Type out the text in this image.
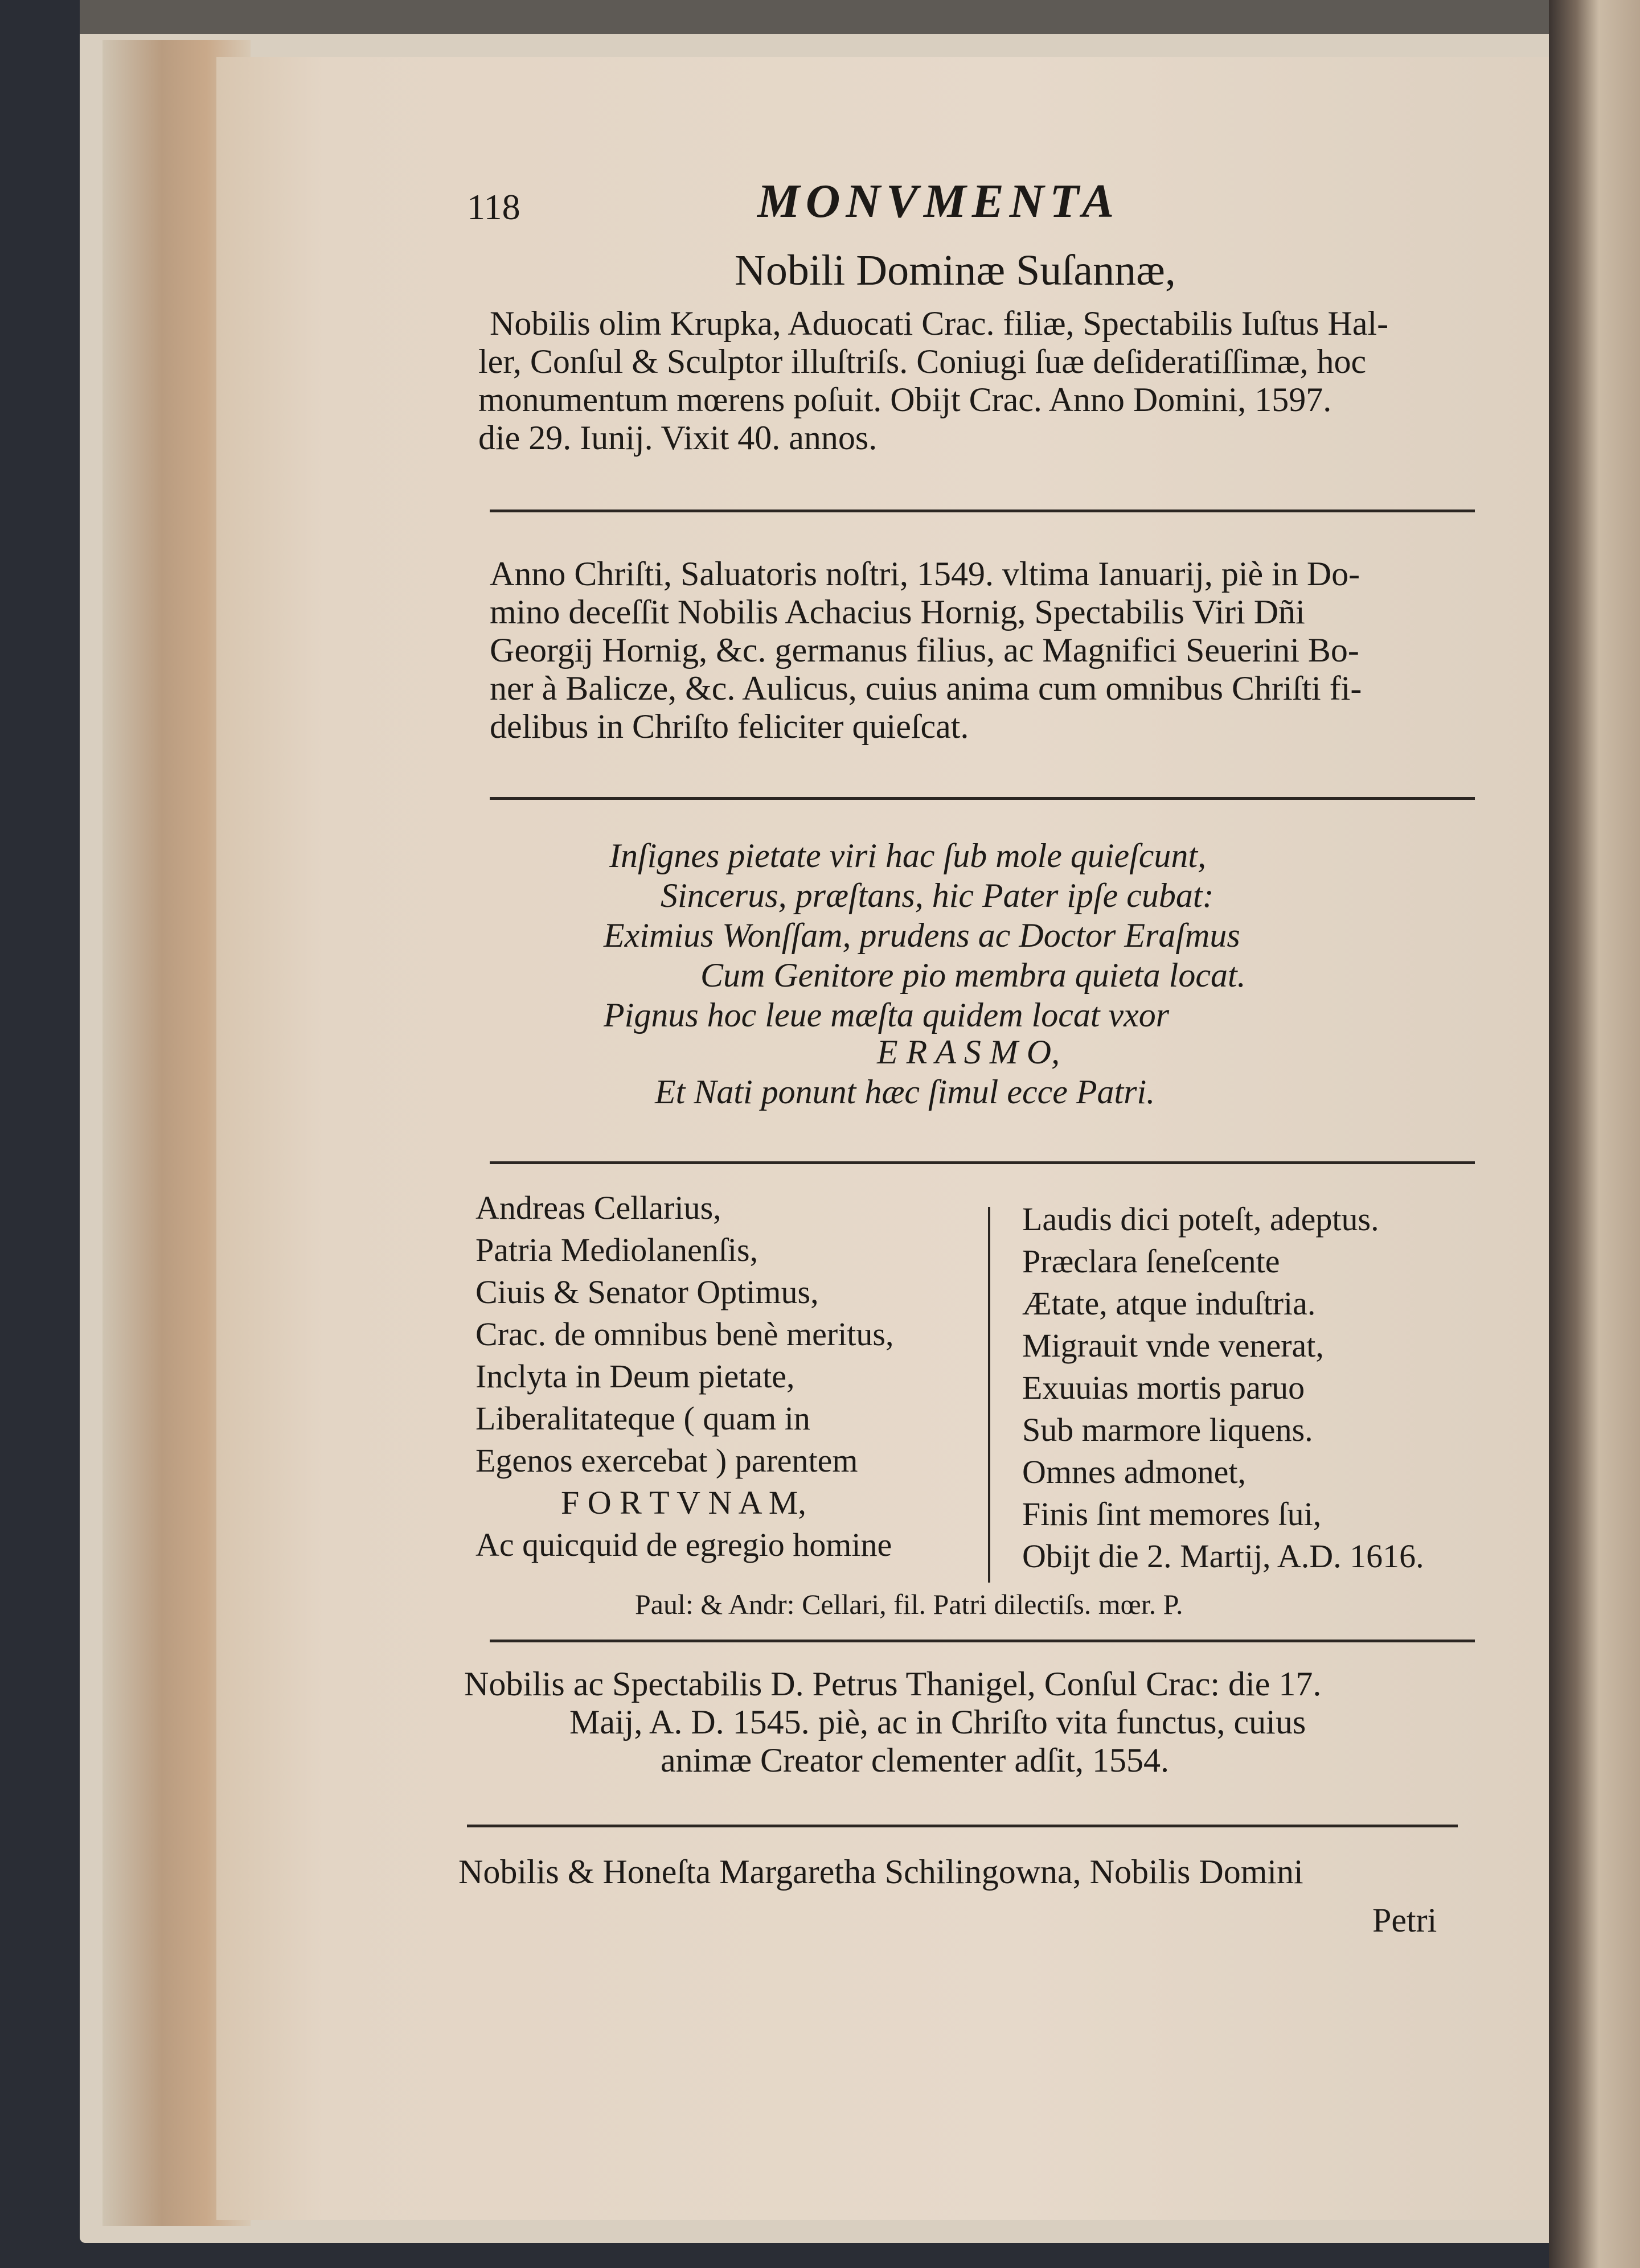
118	MONVMENTA
Nobili Dominæ Suſannæ,
Nobilis olim Krupka, Aduocati Crac. filiæ, Spectabilis Iuſtus Hal-
ler, Conſul & Sculptor illuſtriſs. Coniugi ſuæ deſideratiſſimæ, hoc
monumentum mœrens poſuit. Obijt Crac. Anno Domini, 1597.
die 29. Iunij. Vixit 40. annos.
Anno Chriſti, Saluatoris noſtri, 1549. vltima Ianuarij, piè in Do-
mino deceſſit Nobilis Achacius Hornig, Spectabilis Viri Dñi
Georgij Hornig, &c. germanus filius, ac Magnifici Seuerini Bo-
ner à Balicze, &c. Aulicus, cuius anima cum omnibus Chriſti fi-
delibus in Chriſto feliciter quieſcat.
Inſignes pietate viri hac ſub mole quieſcunt,
Sincerus, præſtans, hic Pater ipſe cubat:
Eximius Wonſſam, prudens ac Doctor Eraſmus
Cum Genitore pio membra quieta locat.
Pignus hoc leue mæſta quidem locat vxor
E R A S M O,
Et Nati ponunt hæc ſimul ecce Patri.
Andreas Cellarius,
Patria Mediolanenſis,
Ciuis & Senator Optimus,
Crac. de omnibus benè meritus,
Inclyta in Deum pietate,
Liberalitateque ( quam in
Egenos exercebat ) parentem
F O R T V N A M,
Ac quicquid de egregio homine
Laudis dici poteſt, adeptus.
Præclara ſeneſcente
Ætate, atque induſtria.
Migrauit vnde venerat,
Exuuias mortis paruo
Sub marmore liquens.
Omnes admonet,
Finis ſint memores ſui,
Obijt die 2. Martij, A.D. 1616.
Paul: & Andr: Cellari, fil. Patri dilectiſs. mœr. P.
Nobilis ac Spectabilis D. Petrus Thanigel, Conſul Crac: die 17.
Maij, A. D. 1545. piè, ac in Chriſto vita functus, cuius
animæ Creator clementer adſit, 1554.
Nobilis & Honeſta Margaretha Schilingowna, Nobilis Domini
Petri
